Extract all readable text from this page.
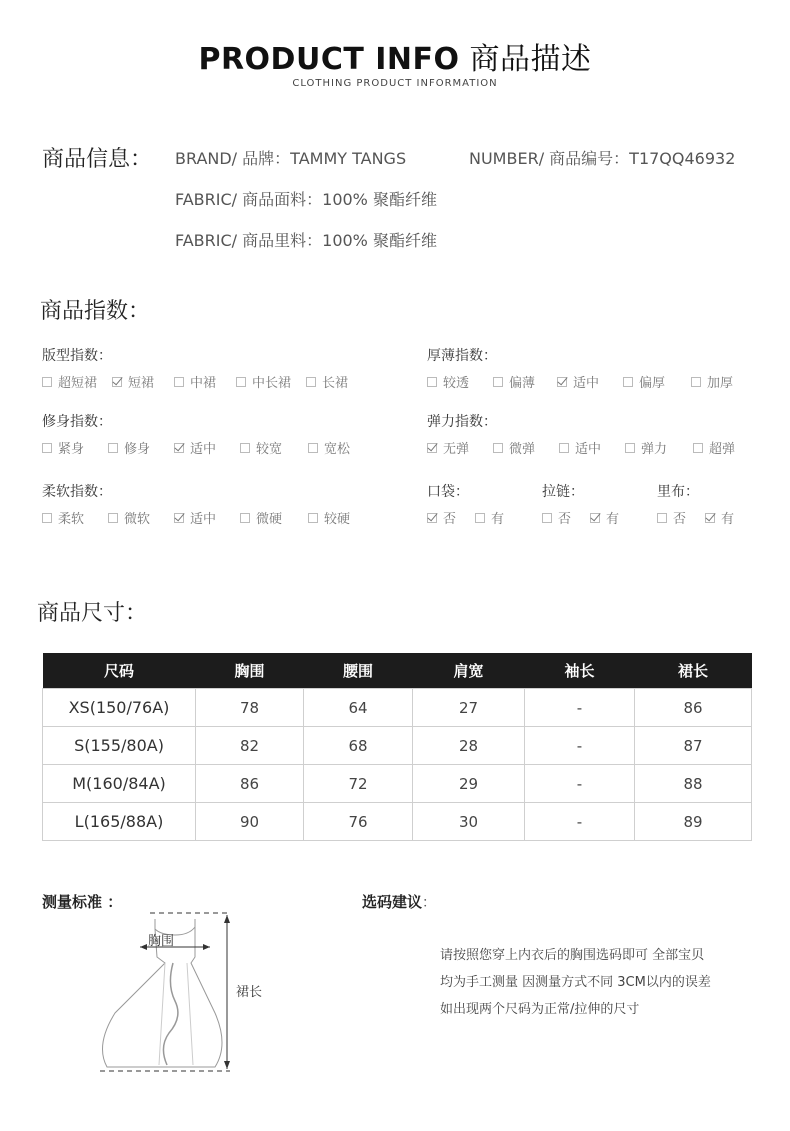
PRODUCT INFO 商品描述
CLOTHING PRODUCT INFORMATION
商品信息： BRAND/ 品牌：TAMMY TANGS	NUMBER/ 商品编号：T17QQ46932
FABRIC/ 商品面料：100% 聚酯纤维
FABRIC/ 商品里料：100% 聚酯纤维
商品指数：
版型指数：
超短裙 短裙	中裙	中长裙 长裙
厚薄指数：
较透	偏薄	适中	偏厚	加厚
修身指数：
紧身	修身	适中	较宽	宽松
弹力指数：
无弹	微弹	适中	弹力	超弹
柔软指数：
柔软	微软	适中	微硬	较硬
口袋：
否	有
拉链：
否	有
里布：
否	有
商品尺寸：
尺码	胸围	腰围	肩宽	袖长	裙长
XS(150/76A)	78	64	27	-	86
S(155/80A)	82	68	28	-	87
M(160/84A)	86	72	29	-	88
L(165/88A)	90	76	30	-	89
测量标准 ：
胸围
裙长
选码建议：
请按照您穿上内衣后的胸围选码即可 全部宝贝
均为手工测量 因测量方式不同 3CM以内的误差
如出现两个尺码为正常/拉伸的尺寸
